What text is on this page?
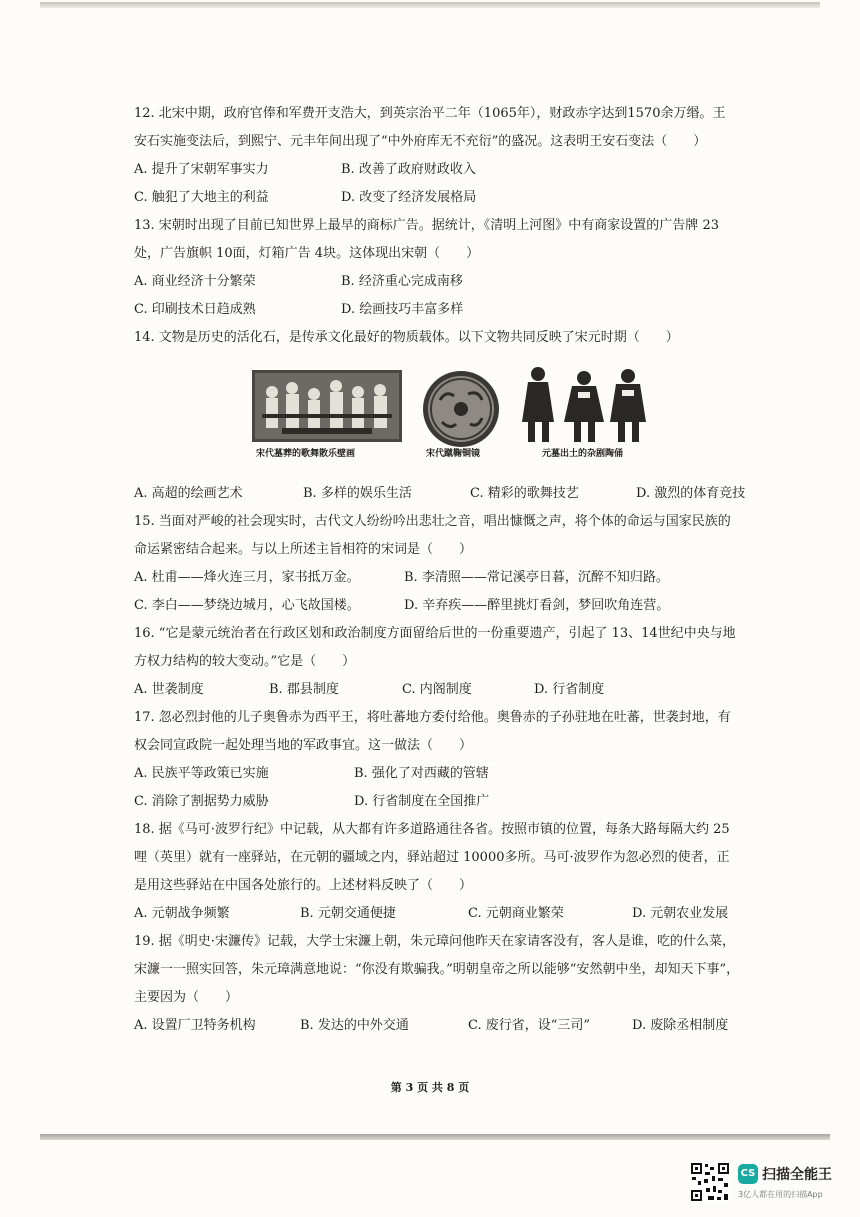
12. 北宋中期，政府官俸和军费开支浩大，到英宗治平二年（1065年），财政赤字达到1570余万缗。王
安石实施变法后，到熙宁、元丰年间出现了“中外府库无不充衍”的盛况。这表明王安石变法（　　）
A. 提升了宋朝军事实力	B. 改善了政府财政收入
C. 触犯了大地主的利益	D. 改变了经济发展格局
13. 宋朝时出现了目前已知世界上最早的商标广告。据统计，《清明上河图》中有商家设置的广告牌 23
处，广告旗帜 10面，灯箱广告 4块。这体现出宋朝（　　）
A. 商业经济十分繁荣	B. 经济重心完成南移
C. 印刷技术日趋成熟	D. 绘画技巧丰富多样
14. 文物是历史的活化石，是传承文化最好的物质载体。以下文物共同反映了宋元时期（　　）
宋代墓葬的歌舞散乐壁画	宋代蹴鞠铜镜	元墓出土的杂剧陶俑
A. 高超的绘画艺术	B. 多样的娱乐生活	C. 精彩的歌舞技艺	D. 激烈的体育竞技
15. 当面对严峻的社会现实时，古代文人纷纷吟出悲壮之音，唱出慷慨之声，将个体的命运与国家民族的
命运紧密结合起来。与以上所述主旨相符的宋词是（　　）
A. 杜甫——烽火连三月，家书抵万金。	B. 李清照——常记溪亭日暮，沉醉不知归路。
C. 李白——梦绕边城月，心飞故国楼。	D. 辛弃疾——醉里挑灯看剑，梦回吹角连营。
16. “它是蒙元统治者在行政区划和政治制度方面留给后世的一份重要遗产，引起了 13、14世纪中央与地
方权力结构的较大变动。”它是（　　）
A. 世袭制度	B. 郡县制度	C. 内阁制度	D. 行省制度
17. 忽必烈封他的儿子奥鲁赤为西平王，将吐蕃地方委付给他。奥鲁赤的子孙驻地在吐蕃，世袭封地，有
权会同宣政院一起处理当地的军政事宜。这一做法（　　）
A. 民族平等政策已实施	B. 强化了对西藏的管辖
C. 消除了割据势力威胁	D. 行省制度在全国推广
18. 据《马可·波罗行纪》中记载，从大都有许多道路通往各省。按照市镇的位置，每条大路每隔大约 25
哩（英里）就有一座驿站，在元朝的疆域之内，驿站超过 10000多所。马可·波罗作为忽必烈的使者，正
是用这些驿站在中国各处旅行的。上述材料反映了（　　）
A. 元朝战争频繁	B. 元朝交通便捷	C. 元朝商业繁荣	D. 元朝农业发展
19. 据《明史·宋濂传》记载，大学士宋濂上朝，朱元璋问他昨天在家请客没有，客人是谁，吃的什么菜，
宋濂一一照实回答，朱元璋满意地说：“你没有欺骗我。”明朝皇帝之所以能够“安然朝中坐，却知天下事”，
主要因为（　　）
A. 设置厂卫特务机构	B. 发达的中外交通	C. 废行省，设“三司”	D. 废除丞相制度
第 3 页 共 8 页
CS 扫描全能王
3亿人都在用的扫描App
